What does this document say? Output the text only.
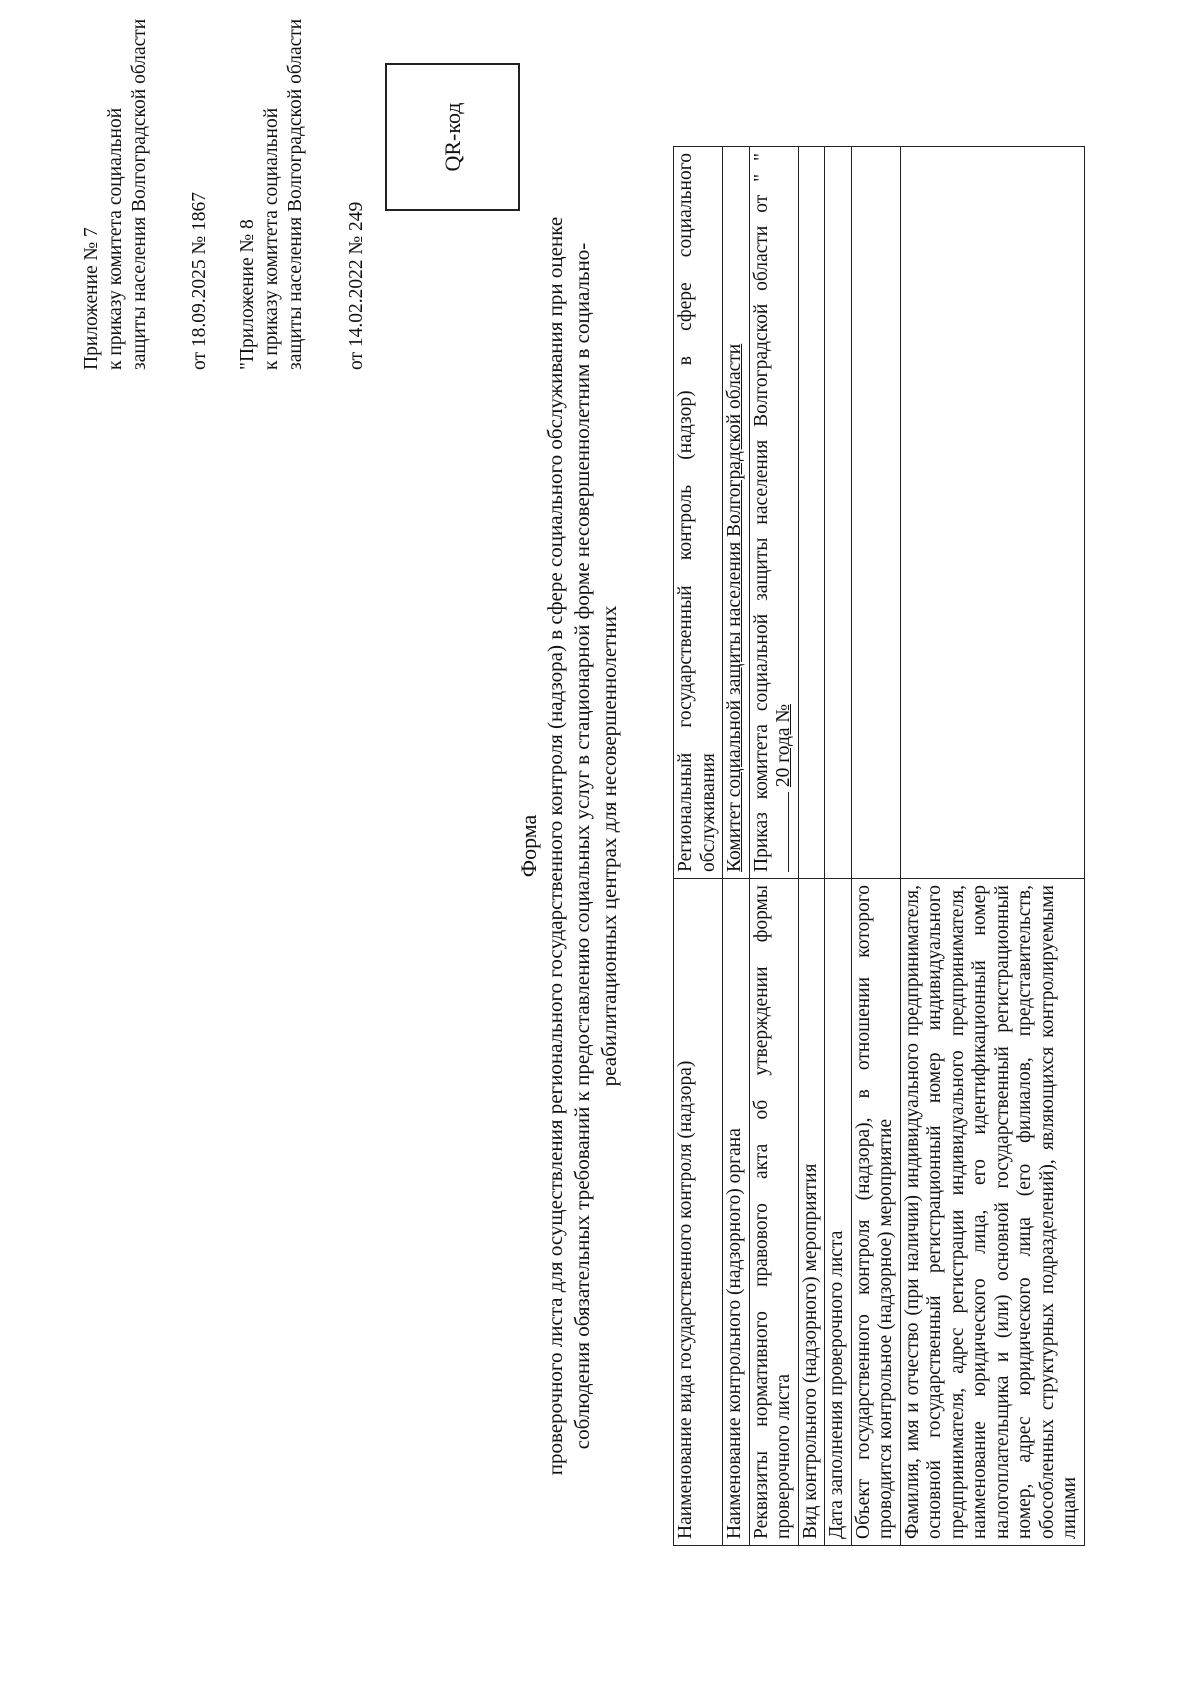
Приложение № 7 к приказу комитета социальной защиты населения Волгоградской области от 18.09.2025 № 1867 "Приложение № 8 к приказу комитета социальной защиты населения Волгоградской области от 14.02.2022 № 249
QR-код
Форма проверочного листа для осуществления регионального государственного контроля (надзора) в сфере социального обслуживания при оценке соблюдения обязательных требований к предоставлению социальных услуг в стационарной форме несовершеннолетним в социально- реабилитационных центрах для несовершеннолетних
Наименование вида государственного контроля (надзора)	Региональный государственный контроль (надзор) в сфере социального обслуживания
Наименование контрольного (надзорного) органа	Комитет социальной защиты населения Волгоградской области
Реквизиты нормативного правового акта об утверждении формы проверочного листа	Приказ комитета социальной защиты населения Волгоградской области от " "  20 года №
Вид контрольного (надзорного) мероприятия	
Дата заполнения проверочного листа	
Объект государственного контроля (надзора), в отношении которого проводится контрольное (надзорное) мероприятие	
Фамилия, имя и отчество (при наличии) индивидуального предпринимателя, основной государственный регистрационный номер индивидуального предпринимателя, адрес регистрации индивидуального предпринимателя, наименование юридического лица, его идентификационный номер налогоплательщика и (или) основной государственный регистрационный номер, адрес юридического лица (его филиалов, представительств, обособленных структурных подразделений), являющихся контролируемыми лицами	
